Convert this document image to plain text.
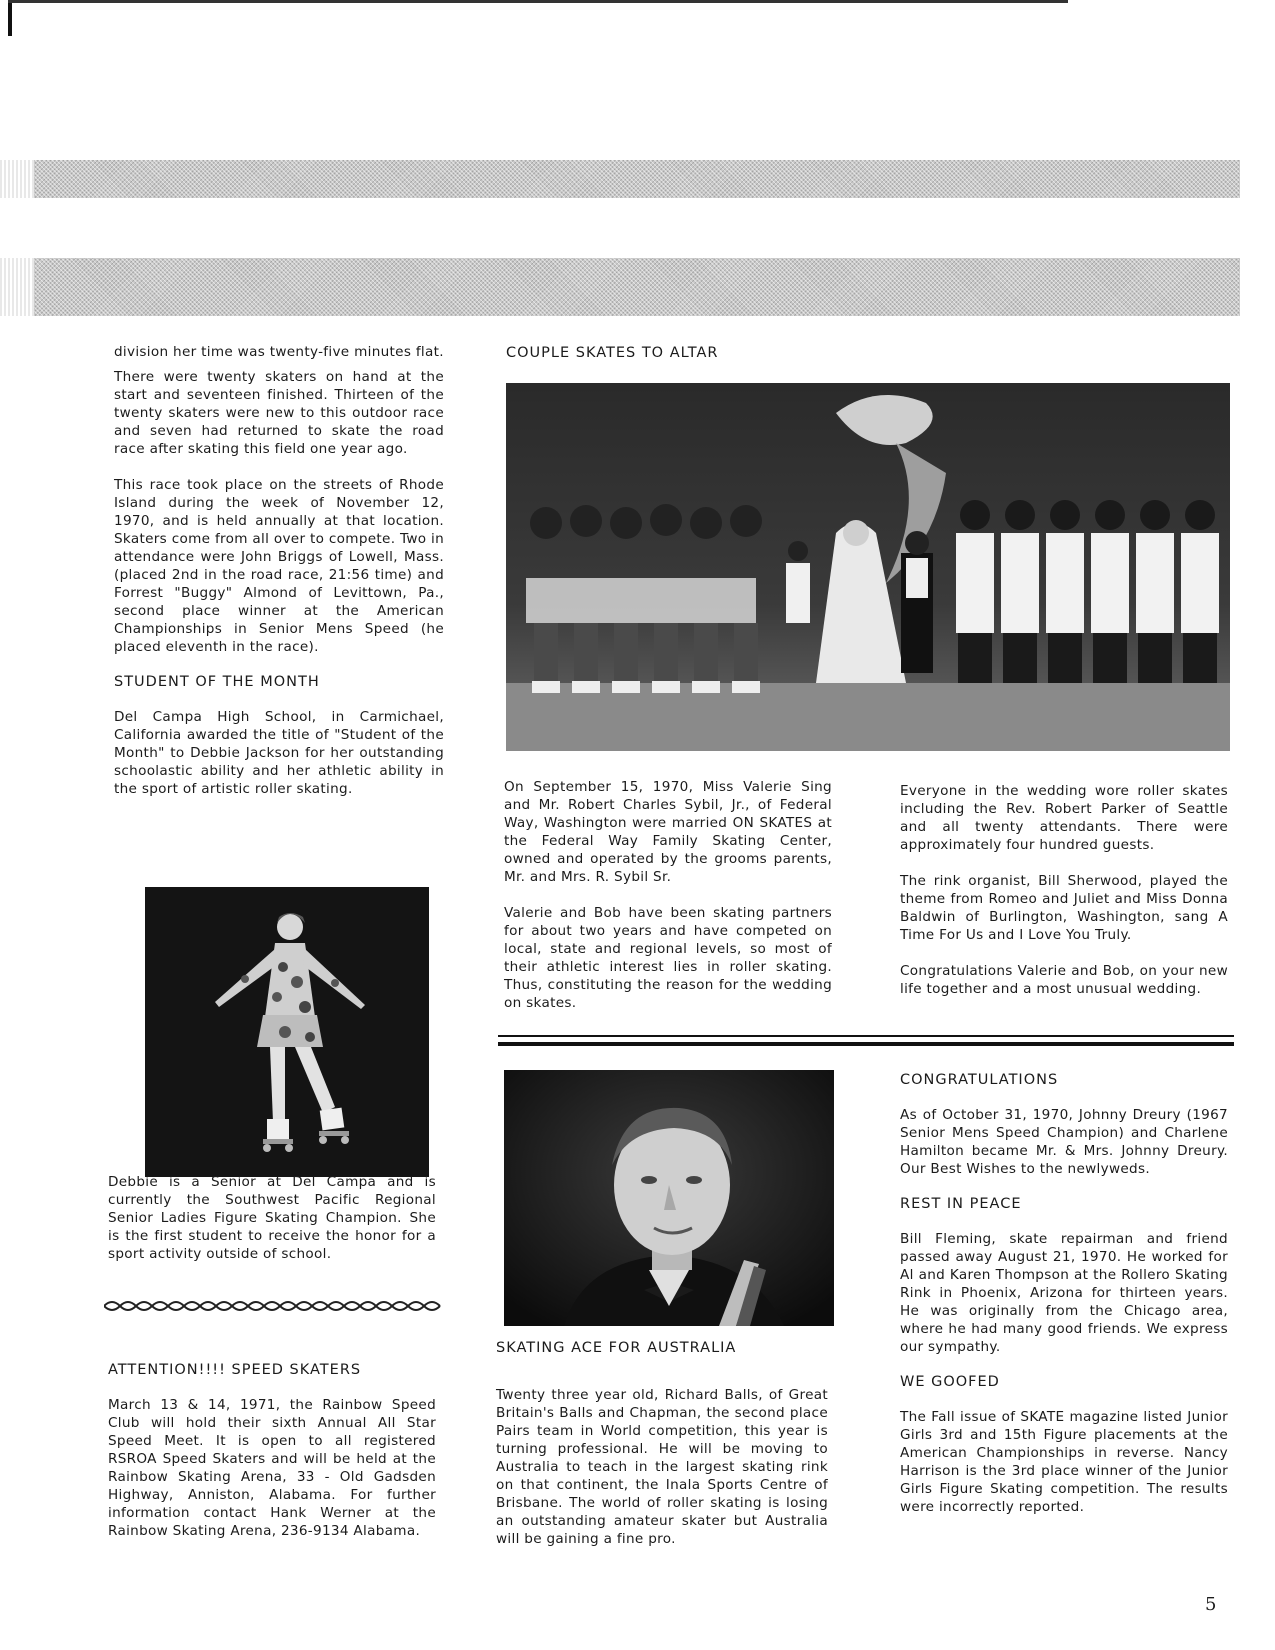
division her time was twenty-five minutes flat.

There were twenty skaters on hand at the start and seventeen finished. Thirteen of the twenty skaters were new to this outdoor race and seven had returned to skate the road race after skating this field one year ago.

This race took place on the streets of Rhode Island during the week of November 12, 1970, and is held annually at that location. Skaters come from all over to compete. Two in attendance were John Briggs of Lowell, Mass. (placed 2nd in the road race, 21:56 time) and Forrest "Buggy" Almond of Levittown, Pa., second place winner at the American Championships in Senior Mens Speed (he placed eleventh in the race).

STUDENT OF THE MONTH

Del Campa High School, in Carmichael, California awarded the title of "Student of the Month" to Debbie Jackson for her outstanding schoolastic ability and her athletic ability in the sport of artistic roller skating.

Debbie is a Senior at Del Campa and is currently the Southwest Pacific Regional Senior Ladies Figure Skating Champion. She is the first student to receive the honor for a sport activity outside of school.

ATTENTION!!!! SPEED SKATERS

March 13 & 14, 1971, the Rainbow Speed Club will hold their sixth Annual All Star Speed Meet. It is open to all registered RSROA Speed Skaters and will be held at the Rainbow Skating Arena, 33 - Old Gadsden Highway, Anniston, Alabama. For further information contact Hank Werner at the Rainbow Skating Arena, 236-9134 Alabama.

COUPLE SKATES TO ALTAR

On September 15, 1970, Miss Valerie Sing and Mr. Robert Charles Sybil, Jr., of Federal Way, Washington were married ON SKATES at the Federal Way Family Skating Center, owned and operated by the grooms parents, Mr. and Mrs. R. Sybil Sr.

Valerie and Bob have been skating partners for about two years and have competed on local, state and regional levels, so most of their athletic interest lies in roller skating. Thus, constituting the reason for the wedding on skates.

Everyone in the wedding wore roller skates including the Rev. Robert Parker of Seattle and all twenty attendants. There were approximately four hundred guests.

The rink organist, Bill Sherwood, played the theme from Romeo and Juliet and Miss Donna Baldwin of Burlington, Washington, sang A Time For Us and I Love You Truly.

Congratulations Valerie and Bob, on your new life together and a most unusual wedding.

SKATING ACE FOR AUSTRALIA

Twenty three year old, Richard Balls, of Great Britain's Balls and Chapman, the second place Pairs team in World competition, this year is turning professional. He will be moving to Australia to teach in the largest skating rink on that continent, the Inala Sports Centre of Brisbane. The world of roller skating is losing an outstanding amateur skater but Australia will be gaining a fine pro.

CONGRATULATIONS

As of October 31, 1970, Johnny Dreury (1967 Senior Mens Speed Champion) and Charlene Hamilton became Mr. & Mrs. Johnny Dreury. Our Best Wishes to the newlyweds.

REST IN PEACE

Bill Fleming, skate repairman and friend passed away August 21, 1970. He worked for Al and Karen Thompson at the Rollero Skating Rink in Phoenix, Arizona for thirteen years. He was originally from the Chicago area, where he had many good friends. We express our sympathy.

WE GOOFED

The Fall issue of SKATE magazine listed Junior Girls 3rd and 15th Figure placements at the American Championships in reverse. Nancy Harrison is the 3rd place winner of the Junior Girls Figure Skating competition. The results were incorrectly reported.

5
